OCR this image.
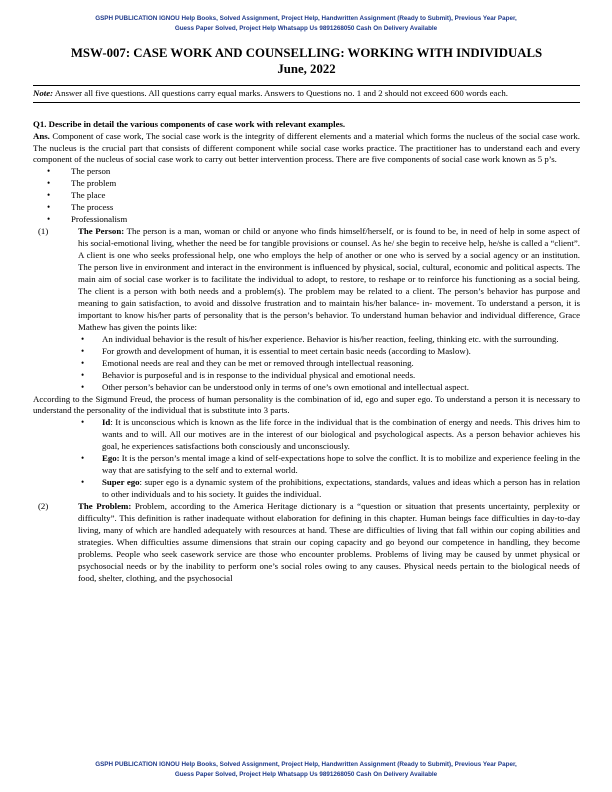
GSPH PUBLICATION IGNOU Help Books, Solved Assignment, Project Help, Handwritten Assignment (Ready to Submit), Previous Year Paper,
Guess Paper Solved, Project Help Whatsapp Us 9891268050 Cash On Delivery Available
MSW-007: CASE WORK AND COUNSELLING: WORKING WITH INDIVIDUALS
June, 2022

Note: Answer all five questions. All questions carry equal marks. Answers to Questions no. 1 and 2 should not exceed 600 words each.

Q1. Describe in detail the various components of case work with relevant examples.

Ans. Component of case work, The social case work is the integrity of different elements and a material which forms the nucleus of the social case work. The nucleus is the crucial part that consists of different component while social case works practice. The practitioner has to understand each and every component of the nucleus of social case work to carry out better intervention process. There are five components of social case work known as 5 p’s.

• The person
• The problem
• The place
• The process
• Professionalism
(1)	The Person: The person is a man, woman or child or anyone who finds himself/herself, or is found to be, in need of help in some aspect of his social-emotional living, whether the need be for tangible provisions or counsel. As he/ she begin to receive help, he/she is called a “client”. A client is one who seeks professional help, one who employs the help of another or one who is served by a social agency or an institution. The person live in environment and interact in the environment is influenced by physical, social, cultural, economic and political aspects. The main aim of social case worker is to facilitate the individual to adopt, to restore, to reshape or to reinforce his functioning as a social being. The client is a person with both needs and a problem(s). The problem may be related to a client. The person’s behavior has purpose and meaning to gain satisfaction, to avoid and dissolve frustration and to maintain his/her balance- in- movement. To understand a person, it is important to know his/her parts of personality that is the person’s behavior. To understand human behavior and individual difference, Grace Mathew has given the points like:

• An individual behavior is the result of his/her experience. Behavior is his/her reaction, feeling, thinking etc. with the surrounding.
• For growth and development of human, it is essential to meet certain basic needs (according to Maslow).
• Emotional needs are real and they can be met or removed through intellectual reasoning.
• Behavior is purposeful and is in response to the individual physical and emotional needs.
• Other person’s behavior can be understood only in terms of one’s own emotional and intellectual aspect.

According to the Sigmund Freud, the process of human personality is the combination of id, ego and super ego. To understand a person it is necessary to understand the personality of the individual that is substitute into 3 parts.

• Id: It is unconscious which is known as the life force in the individual that is the combination of energy and needs. This drives him to wants and to will. All our motives are in the interest of our biological and psychological aspects. As a person behavior achieves his goal, he experiences satisfactions both consciously and unconsciously.
• Ego: It is the person’s mental image a kind of self-expectations hope to solve the conflict. It is to mobilize and experience feeling in the way that are satisfying to the self and to external world.
• Super ego: super ego is a dynamic system of the prohibitions, expectations, standards, values and ideas which a person has in relation to other individuals and to his society. It guides the individual.
(2)	The Problem: Problem, according to the America Heritage dictionary is a “question or situation that presents uncertainty, perplexity or difficulty”. This definition is rather inadequate without elaboration for defining in this chapter. Human beings face difficulties in day-to-day living, many of which are handled adequately with resources at hand. These are difficulties of living that fall within our coping abilities and strategies. When difficulties assume dimensions that strain our coping capacity and go beyond our competence in handling, they become problems. People who seek casework service are those who encounter problems. Problems of living may be caused by unmet physical or psychosocial needs or by the inability to perform one’s social roles owing to any causes. Physical needs pertain to the biological needs of food, shelter, clothing, and the psychosocial

GSPH PUBLICATION IGNOU Help Books, Solved Assignment, Project Help, Handwritten Assignment (Ready to Submit), Previous Year Paper,
Guess Paper Solved, Project Help Whatsapp Us 9891268050 Cash On Delivery Available
